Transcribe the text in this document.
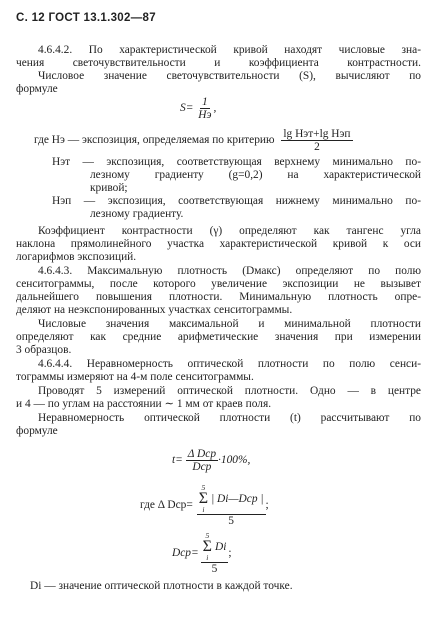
С. 12 ГОСТ 13.1.302—87
4.6.4.2. По характеристической кривой находят числовые зна-
чения светочувствительности и коэффициента контрастности.
Числовое значение светочувствительности (S), вычисляют по
формуле
$S= \frac{1}{Hэ}$ ,
где Hэ — экспозиция, определяемая по критерию $\frac{\text{lg Hэт+lg Hэп}}{2}$
Hэт — экспозиция, соответствующая верхнему минимально по-
лезному градиенту (g=0,2) на характеристической
кривой;
Hэп — экспозиция, соответствующая нижнему минимально по-
лезному градиенту.
Коэффициент контрастности (γ) определяют как тангенс угла
наклона прямолинейного участка характеристической кривой к оси
логарифмов экспозиций.
4.6.4.3. Максимальную плотность (Dмакс) определяют по полю
сенситограммы, после которого увеличение экспозиции не вызывет
дальнейшего повышения плотности. Минимальную плотность опре-
деляют на неэкспонированных участках сенситограммы.
Числовые значения максимальной и минимальной плотности
определяют как средние арифметические значения при измерении
3 образцов.
4.6.4.4. Неравномерность оптической плотности по полю сенси-
тограммы измеряют на 4-м поле сенситограммы.
Проводят 5 измерений оптической плотности. Одно — в центре
и 4 — по углам на расстоянии ∼ 1 мм от краев поля.
Неравномерность оптической плотности (t) рассчитывают по
формуле
$t= \frac{\text{Δ Dср}}{\text{Dср}} \cdot 100\%$,
где Δ Dср= 5
Σ
i
| Di—Dср |
5 ;
Dср= 5
Σ
i
Di
5 ;
Di — значение оптической плотности в каждой точке.
